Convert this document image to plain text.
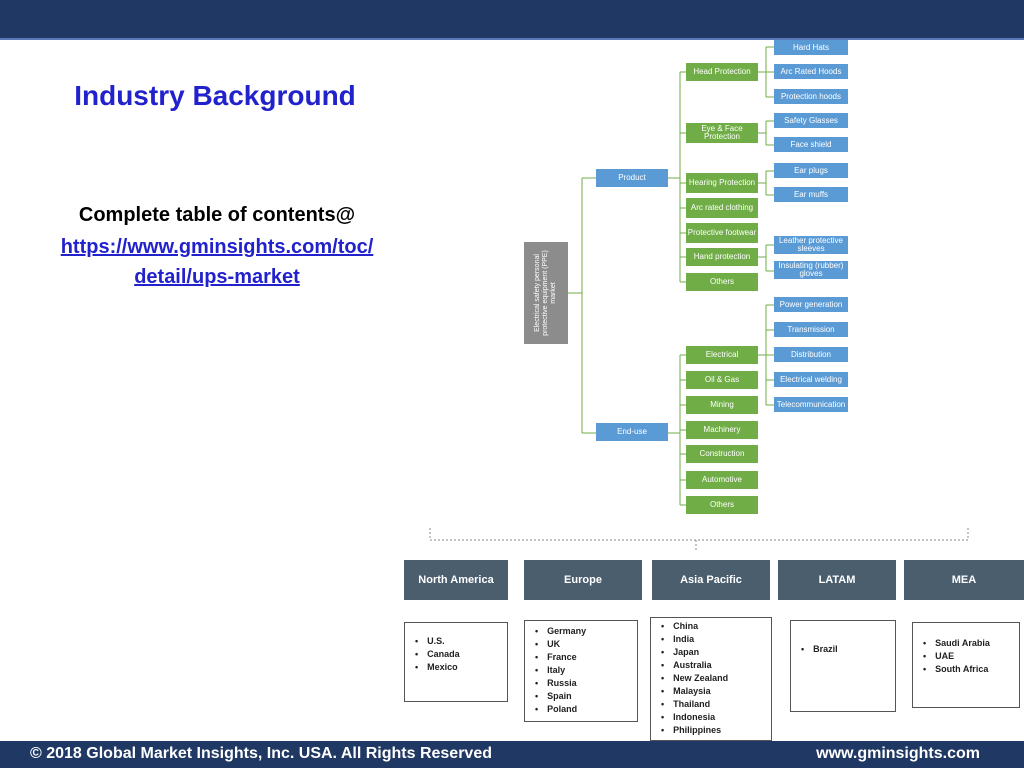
Industry Background
Complete table of contents@
https://www.gminsights.com/toc/
detail/ups-market	Electrical safety personal protective equipment (PPE) market
Product
End-use
Head Protection
Eye & Face Protection
Hearing Protection
Arc rated clothing
Protective footwear
Hand protection
Others
Hard Hats
Arc Rated Hoods
Protection hoods
Safety Glasses
Face shield
Ear plugs
Ear muffs
Leather protective sleeves
Insulating (rubber) gloves
Electrical
Oil & Gas
Mining
Machinery
Construction
Automotive
Others
Power generation
Transmission
Distribution
Electrical welding
Telecommunication
North America	Europe	Asia Pacific	LATAM	MEA
• U.S.
• Canada
• Mexico
• Germany
• UK
• France
• Italy
• Russia
• Spain
• Poland
• China
• India
• Japan
• Australia
• New Zealand
• Malaysia
• Thailand
• Indonesia
• Philippines
• Brazil
• Saudi Arabia
• UAE
• South Africa
© 2018 Global Market Insights, Inc. USA. All Rights Reserved	www.gminsights.com
